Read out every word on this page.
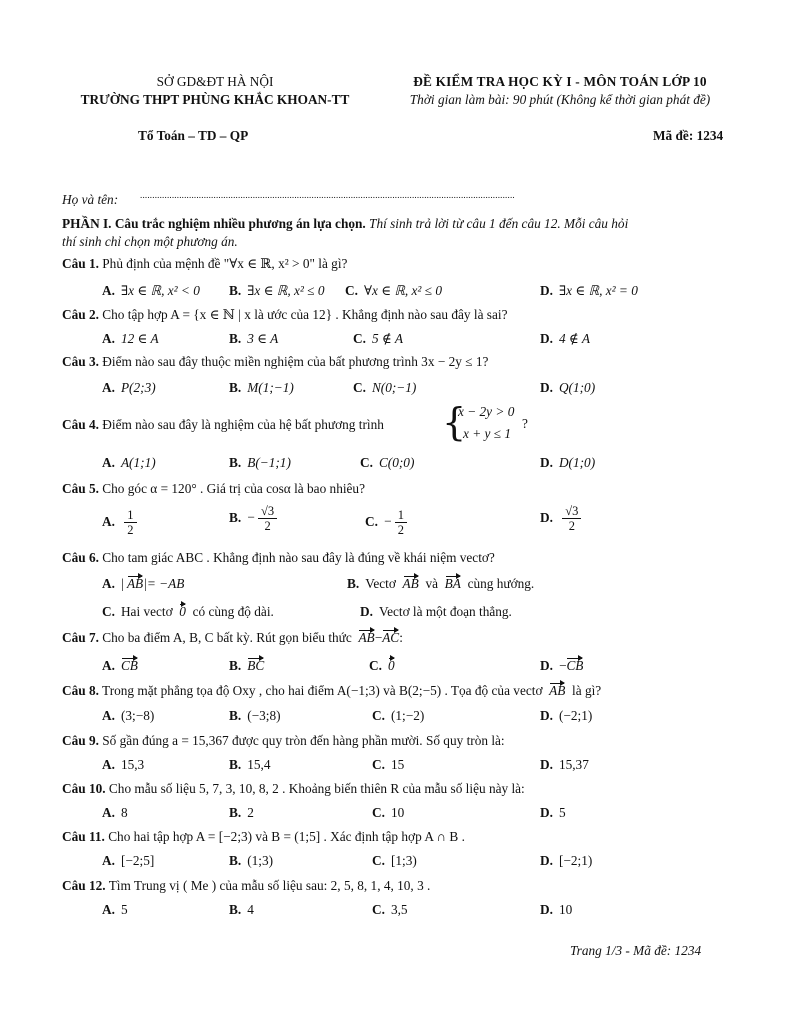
SỞ GD&ĐT HÀ NỘI
TRƯỜNG THPT PHÙNG KHẮC KHOAN-TT
ĐỀ KIỂM TRA HỌC KỲ I - MÔN TOÁN LỚP 10
Thời gian làm bài: 90 phút (Không kể thời gian phát đề)
Tổ Toán – TD – QP	Mã đề: 1234
Họ và tên: .........................................................................................................................................................
PHẦN I. Câu trắc nghiệm nhiều phương án lựa chọn. Thí sinh trả lời từ câu 1 đến câu 12. Mỗi câu hỏi
thí sinh chỉ chọn một phương án.
Câu 1. Phủ định của mệnh đề "∀x ∈ ℝ, x² > 0" là gì?
A. ∃x ∈ ℝ, x² < 0 B. ∃x ∈ ℝ, x² ≤ 0 C. ∀x ∈ ℝ, x² ≤ 0	D. ∃x ∈ ℝ, x² = 0
Câu 2. Cho tập hợp A = {x ∈ ℕ | x là ước của 12} . Khẳng định nào sau đây là sai?
A. 12 ∈ A	B. 3 ∈ A	C. 5 ∉ A	D. 4 ∉ A
Câu 3. Điểm nào sau đây thuộc miền nghiệm của bất phương trình 3x − 2y ≤ 1?
A. P(2;3)	B. M(1;−1)	C. N(0;−1)	D. Q(1;0)
Câu 4. Điểm nào sau đây là nghiệm của hệ bất phương trình {
x − 2y > 0
x + y ≤ 1
?
A. A(1;1)	B. B(−1;1)	C. C(0;0)	D. D(1;0)
Câu 5. Cho góc α = 120° . Giá trị của cosα là bao nhiêu?
A. $\frac{1}{2}$	B. − $\frac{√3}{2}$	C. − $\frac{1}{2}$	D. $\frac{√3}{2}$
Câu 6. Cho tam giác ABC . Khẳng định nào sau đây là đúng về khái niệm vectơ?
A. | AB|= −AB	B. Vectơ AB và BA cùng hướng.
C. Hai vectơ 0 có cùng độ dài.	D. Vectơ là một đoạn thẳng.
Câu 7. Cho ba điểm A, B, C bất kỳ. Rút gọn biểu thức AB−AC:
A. CB	B. BC	C. 0	D. −CB
Câu 8. Trong mặt phẳng tọa độ Oxy , cho hai điểm A(−1;3) và B(2;−5) . Tọa độ của vectơ AB là gì?
A. (3;−8)	B. (−3;8)	C. (1;−2)	D. (−2;1)
Câu 9. Số gần đúng a = 15,367 được quy tròn đến hàng phần mười. Số quy tròn là:
A. 15,3	B. 15,4	C. 15	D. 15,37
Câu 10. Cho mẫu số liệu 5, 7, 3, 10, 8, 2 . Khoảng biến thiên R của mẫu số liệu này là:
A. 8	B. 2	C. 10	D. 5
Câu 11. Cho hai tập hợp A = [−2;3) và B = (1;5] . Xác định tập hợp A ∩ B .
A. [−2;5]	B. (1;3)	C. [1;3)	D. [−2;1)
Câu 12. Tìm Trung vị ( Me ) của mẫu số liệu sau: 2, 5, 8, 1, 4, 10, 3 .
A. 5	B. 4	C. 3,5	D. 10
Trang 1/3 - Mã đề: 1234
